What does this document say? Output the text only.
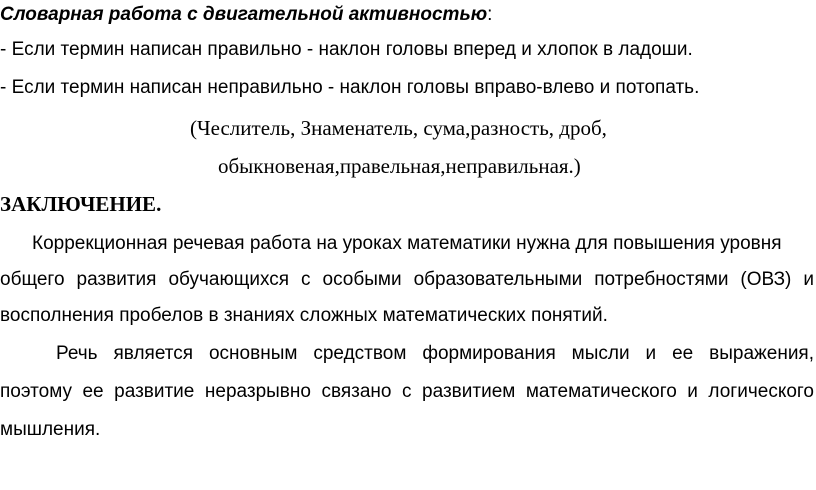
Словарная работа с двигательной активностью:
- Если термин написан правильно - наклон головы вперед и хлопок в ладоши.
- Если термин написан неправильно - наклон головы вправо-влево и потопать.
(Чеслитель, Знаменатель, сума,разность, дроб,
обыкновеная,правельная,неправильная.)
ЗАКЛЮЧЕНИЕ.
Коррекционная речевая работа на уроках математики нужна для повышения уровня
общего развития обучающихся с особыми образовательными потребностями (ОВЗ) и
восполнения пробелов в знаниях сложных математических понятий.
Речь является основным средством формирования мысли и ее выражения,
поэтому ее развитие неразрывно связано с развитием математического и логического
мышления.
